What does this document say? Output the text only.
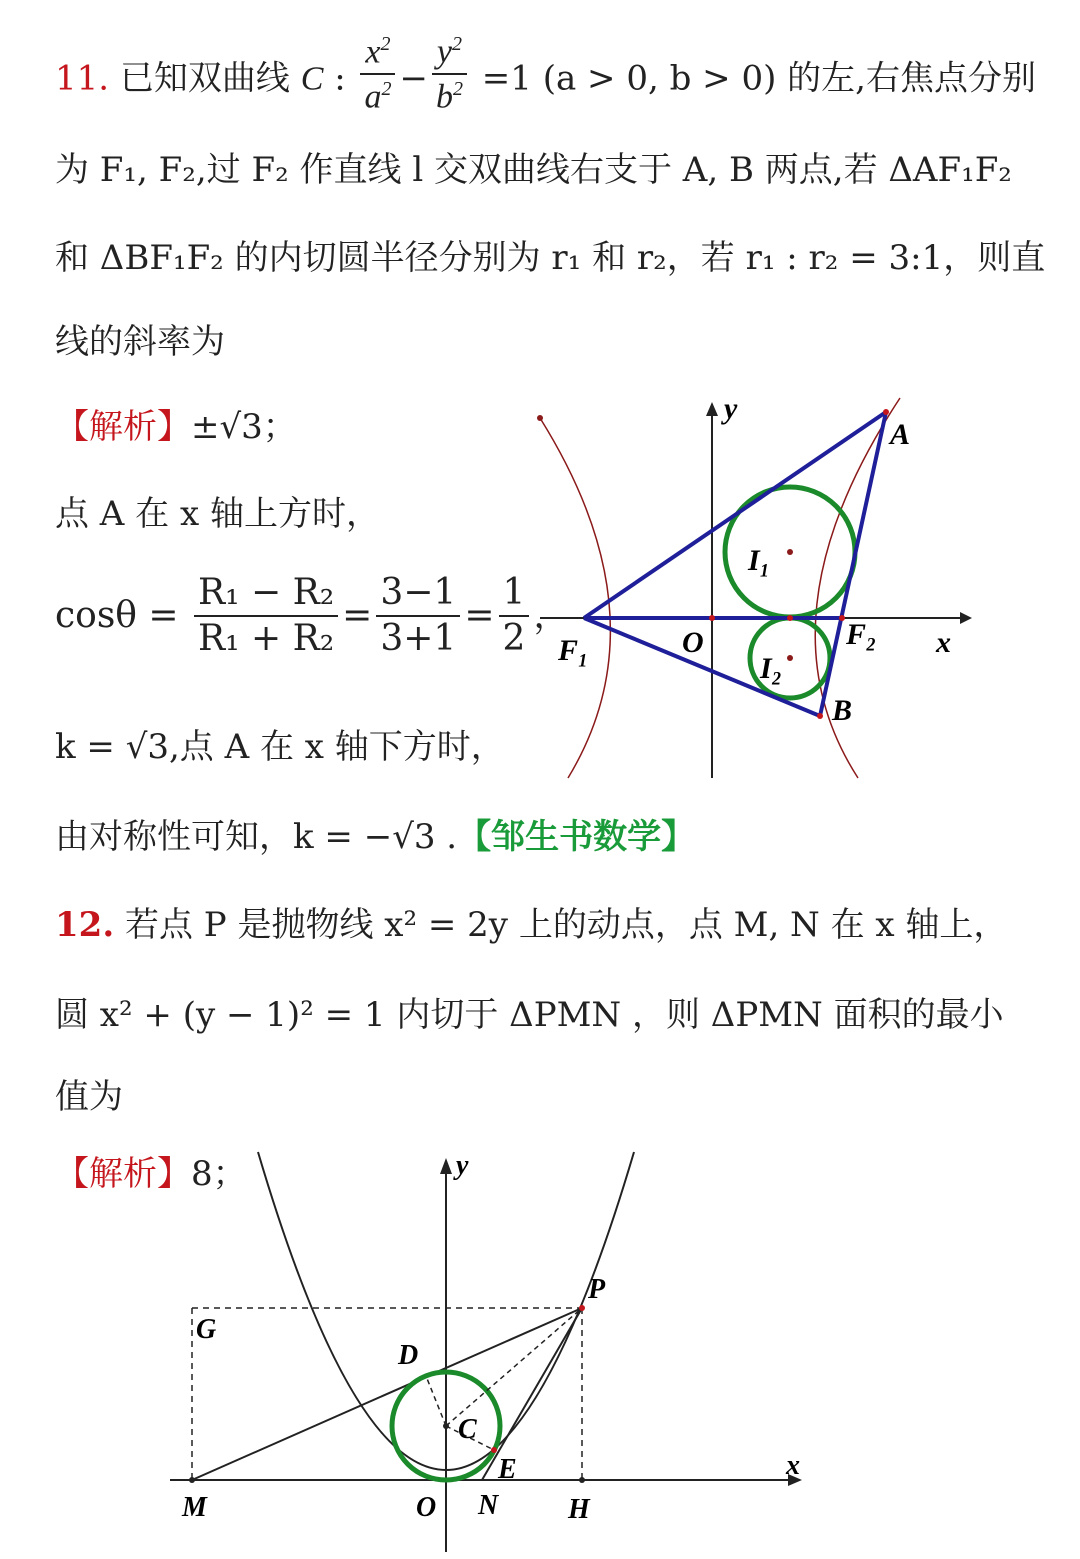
11. 已知双曲线 C : $\frac{x^2}{a^2} - \frac{y^2}{b^2} =1$ (a > 0, b > 0) 的左,右焦点分别
为 F₁, F₂,过 F₂ 作直线 l 交双曲线右支于 A, B 两点,若 ΔAF₁F₂
和 ΔBF₁F₂ 的内切圆半径分别为 r₁ 和 r₂，若 r₁ : r₂ = 3:1，则直
线的斜率为
【解析】±√3；
点 A 在 x 轴上方时，
$\cos\theta = \frac{\text{R₁ − R₂}}{\text{R₁ + R₂}} = \frac{3-1}{3+1} = \frac{1}{2}$ ，
k = √3,点 A 在 x 轴下方时，
由对称性可知，k = −√3 .【邹生书数学】
12. 若点 P 是抛物线 x² = 2y 上的动点，点 M, N 在 x 轴上，
圆 x² + (y − 1)² = 1 内切于 ΔPMN ，则 ΔPMN 面积的最小
值为
【解析】8；
y
A
I₁
F₁	O	F₂ x
I₂
B
y
P
G
D
C
E	x
M	O N H
